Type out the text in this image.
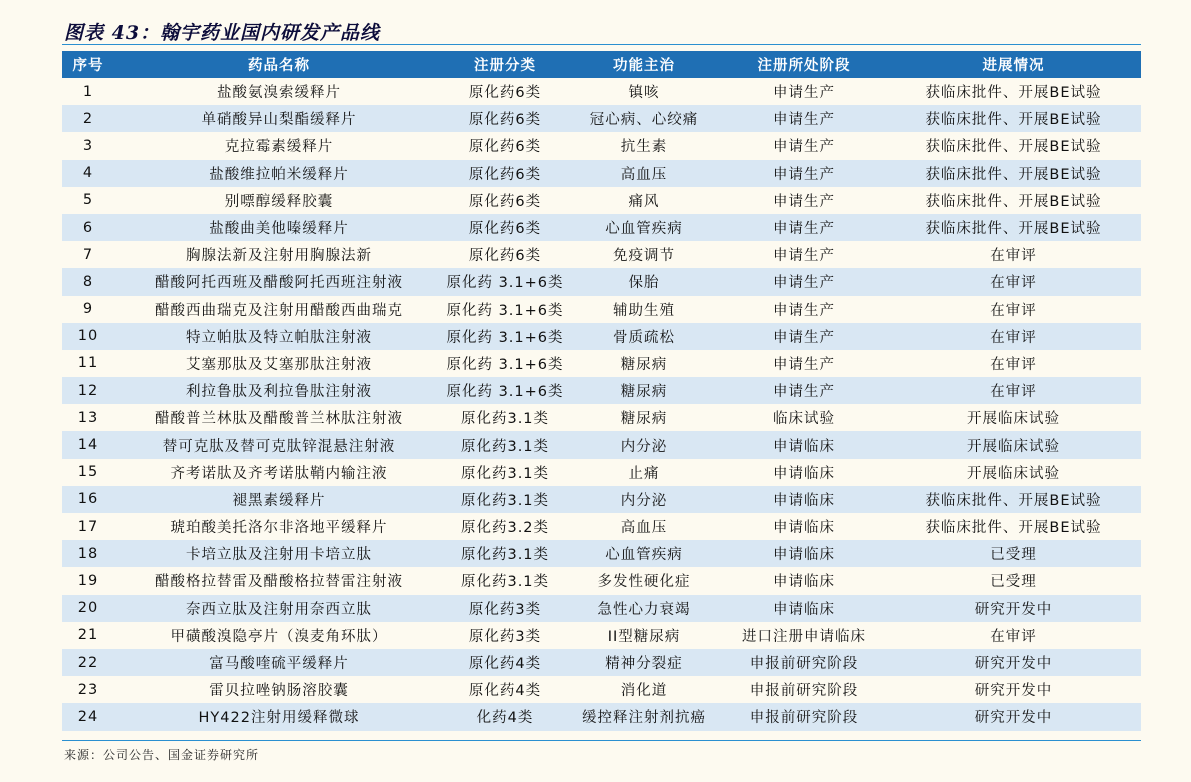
图表 43：翰宇药业国内研发产品线
序号	药品名称	注册分类	功能主治	注册所处阶段	进展情况
1	盐酸氨溴索缓释片	原化药6类	镇咳	申请生产	获临床批件、开展BE试验
2	单硝酸异山梨酯缓释片	原化药6类	冠心病、心绞痛	申请生产	获临床批件、开展BE试验
3	克拉霉素缓释片	原化药6类	抗生素	申请生产	获临床批件、开展BE试验
4	盐酸维拉帕米缓释片	原化药6类	高血压	申请生产	获临床批件、开展BE试验
5	别嘌醇缓释胶囊	原化药6类	痛风	申请生产	获临床批件、开展BE试验
6	盐酸曲美他嗪缓释片	原化药6类	心血管疾病	申请生产	获临床批件、开展BE试验
7	胸腺法新及注射用胸腺法新	原化药6类	免疫调节	申请生产	在审评
8	醋酸阿托西班及醋酸阿托西班注射液	原化药 3.1+6类	保胎	申请生产	在审评
9	醋酸西曲瑞克及注射用醋酸西曲瑞克	原化药 3.1+6类	辅助生殖	申请生产	在审评
10	特立帕肽及特立帕肽注射液	原化药 3.1+6类	骨质疏松	申请生产	在审评
11	艾塞那肽及艾塞那肽注射液	原化药 3.1+6类	糖尿病	申请生产	在审评
12	利拉鲁肽及利拉鲁肽注射液	原化药 3.1+6类	糖尿病	申请生产	在审评
13	醋酸普兰林肽及醋酸普兰林肽注射液	原化药3.1类	糖尿病	临床试验	开展临床试验
14	替可克肽及替可克肽锌混悬注射液	原化药3.1类	内分泌	申请临床	开展临床试验
15	齐考诺肽及齐考诺肽鞘内输注液	原化药3.1类	止痛	申请临床	开展临床试验
16	褪黑素缓释片	原化药3.1类	内分泌	申请临床	获临床批件、开展BE试验
17	琥珀酸美托洛尔非洛地平缓释片	原化药3.2类	高血压	申请临床	获临床批件、开展BE试验
18	卡培立肽及注射用卡培立肽	原化药3.1类	心血管疾病	申请临床	已受理
19	醋酸格拉替雷及醋酸格拉替雷注射液	原化药3.1类	多发性硬化症	申请临床	已受理
20	奈西立肽及注射用奈西立肽	原化药3类	急性心力衰竭	申请临床	研究开发中
21	甲磺酸溴隐亭片（溴麦角环肽）	原化药3类	II型糖尿病	进口注册申请临床	在审评
22	富马酸喹硫平缓释片	原化药4类	精神分裂症	申报前研究阶段	研究开发中
23	雷贝拉唑钠肠溶胶囊	原化药4类	消化道	申报前研究阶段	研究开发中
24	HY422注射用缓释微球	化药4类	缓控释注射剂抗癌	申报前研究阶段	研究开发中
来源：公司公告、国金证券研究所
